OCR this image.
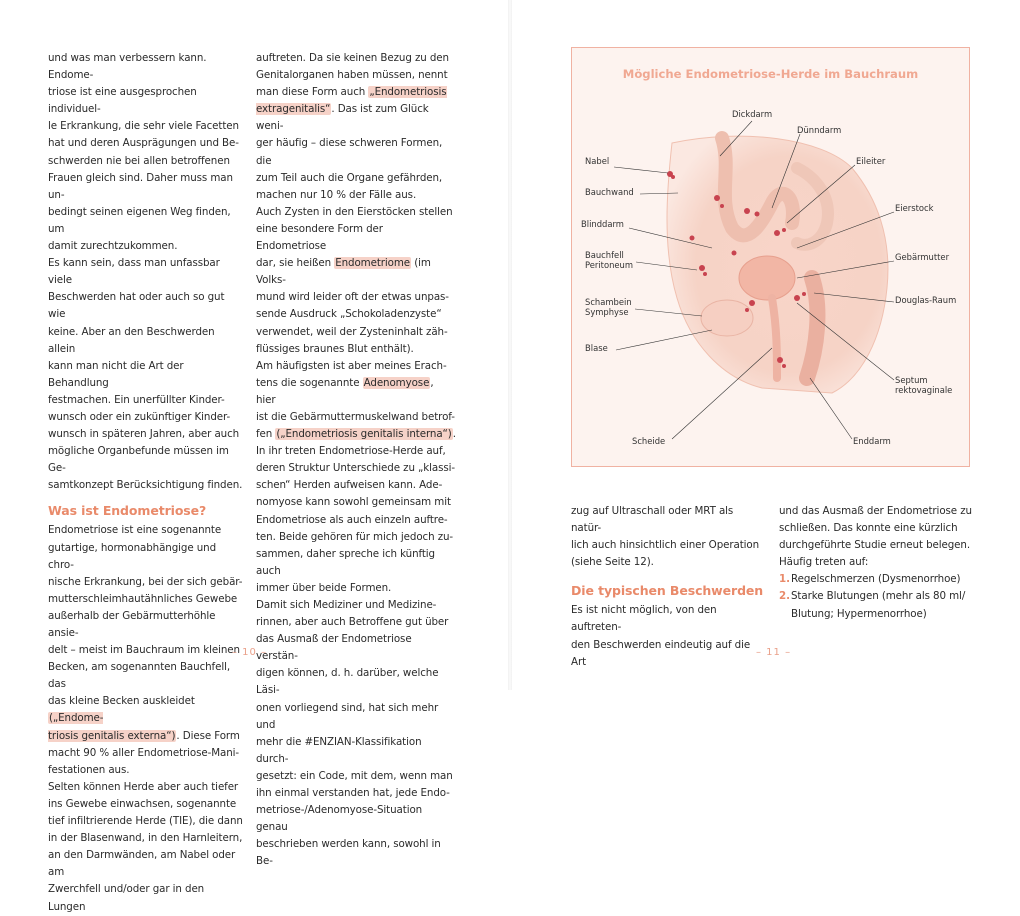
und was man verbessern kann. Endome-
triose ist eine ausgesprochen individuel-
le Erkrankung, die sehr viele Facetten
hat und deren Ausprägungen und Be-
schwerden nie bei allen betroffenen
Frauen gleich sind. Daher muss man un-
bedingt seinen eigenen Weg finden, um
damit zurechtzukommen.
Es kann sein, dass man unfassbar viele
Beschwerden hat oder auch so gut wie
keine. Aber an den Beschwerden allein
kann man nicht die Art der Behandlung
festmachen. Ein unerfüllter Kinder-
wunsch oder ein zukünftiger Kinder-
wunsch in späteren Jahren, aber auch
mögliche Organbefunde müssen im Ge-
samtkonzept Berücksichtigung finden.

Was ist Endometriose?

Endometriose ist eine sogenannte
gutartige, hormonabhängige und chro-
nische Erkrankung, bei der sich gebär-
mutterschleimhautähnliches Gewebe
außerhalb der Gebärmutterhöhle ansie-
delt – meist im Bauchraum im kleinen
Becken, am sogenannten Bauchfell, das
das kleine Becken auskleidet („Endome-
triosis genitalis externa“). Diese Form
macht 90 % aller Endometriose-Mani-
festationen aus.
Selten können Herde aber auch tiefer
ins Gewebe einwachsen, sogenannte
tief infiltrierende Herde (TIE), die dann
in der Blasenwand, in den Harnleitern,
an den Darmwänden, am Nabel oder am
Zwerchfell und/oder gar in den Lungen

auftreten. Da sie keinen Bezug zu den
Genitalorganen haben müssen, nennt
man diese Form auch „Endometriosis
extragenitalis“. Das ist zum Glück weni-
ger häufig – diese schweren Formen, die
zum Teil auch die Organe gefährden,
machen nur 10 % der Fälle aus.
Auch Zysten in den Eierstöcken stellen
eine besondere Form der Endometriose
dar, sie heißen Endometriome (im Volks-
mund wird leider oft der etwas unpas-
sende Ausdruck „Schokoladenzyste“
verwendet, weil der Zysteninhalt zäh-
flüssiges braunes Blut enthält).
Am häufigsten ist aber meines Erach-
tens die sogenannte Adenomyose, hier
ist die Gebärmuttermuskelwand betrof-
fen („Endometriosis genitalis interna“).
In ihr treten Endometriose-Herde auf,
deren Struktur Unterschiede zu „klassi-
schen“ Herden aufweisen kann. Ade-
nomyose kann sowohl gemeinsam mit
Endometriose als auch einzeln auftre-
ten. Beide gehören für mich jedoch zu-
sammen, daher spreche ich künftig auch
immer über beide Formen.
Damit sich Mediziner und Medizine-
rinnen, aber auch Betroffene gut über
das Ausmaß der Endometriose verstän-
digen können, d. h. darüber, welche Läsi-
onen vorliegend sind, hat sich mehr und
mehr die #ENZIAN-Klassifikation durch-
gesetzt: ein Code, mit dem, wenn man
ihn einmal verstanden hat, jede Endo-
metriose-/Adenomyose-Situation genau
beschrieben werden kann, sowohl in Be-

– 10 –
Mögliche Endometriose-Herde im Bauchraum
Dickdarm
Dünndarm
Nabel	Eileiter
Bauchwand
Eierstock
Blinddarm
Bauchfell
Peritoneum
Gebärmutter
Schambein
Symphyse
Douglas-Raum
Blase
Septum
rektovaginale
Scheide	Enddarm

zug auf Ultraschall oder MRT als natür-
lich auch hinsichtlich einer Operation
(siehe Seite 12).

Die typischen Beschwerden

Es ist nicht möglich, von den auftreten-
den Beschwerden eindeutig auf die Art

und das Ausmaß der Endometriose zu
schließen. Das konnte eine kürzlich
durchgeführte Studie erneut belegen.
Häufig treten auf:

1. Regelschmerzen (Dysmenorrhoe)
2. Starke Blutungen (mehr als 80 ml/
Blutung; Hypermenorrhoe)
– 11 –
